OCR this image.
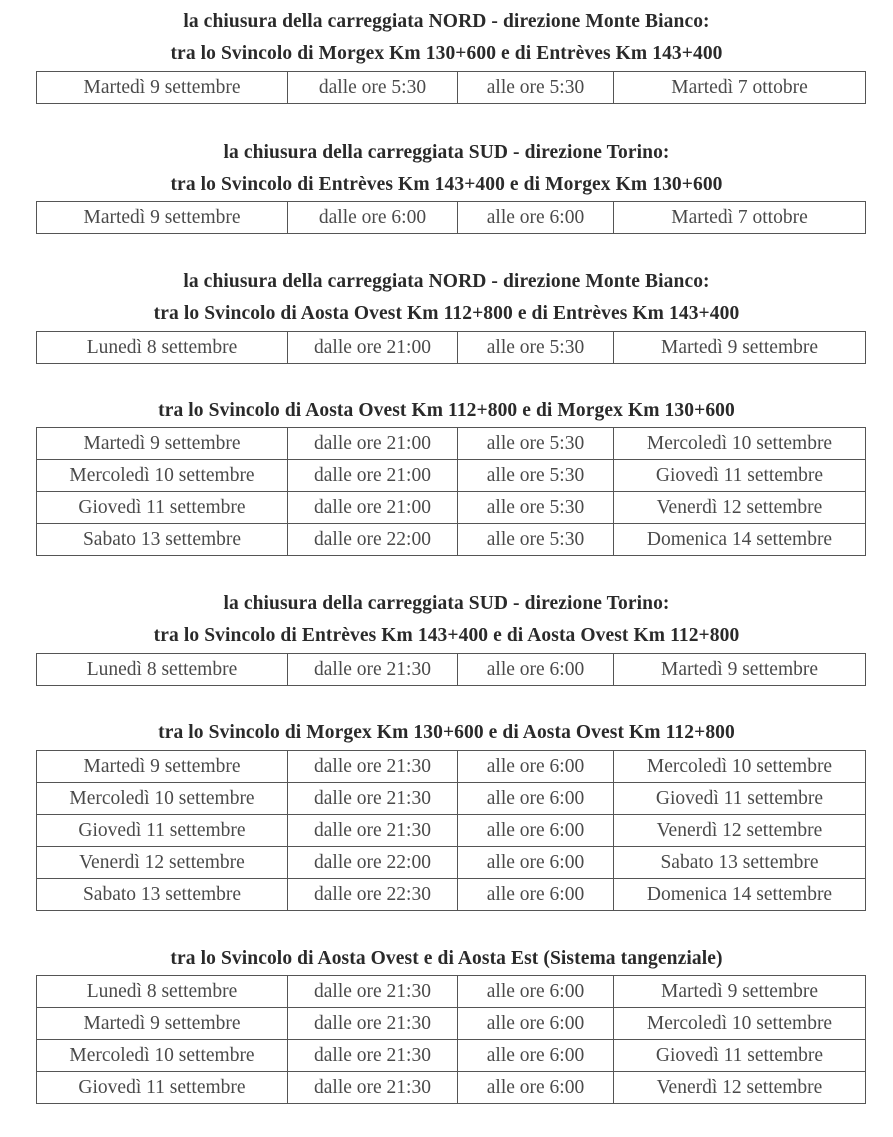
la chiusura della carreggiata NORD - direzione Monte Bianco:
tra lo Svincolo di Morgex Km 130+600 e di Entrèves Km 143+400
Martedì 9 settembre	dalle ore 5:30	alle ore 5:30	Martedì 7 ottobre
la chiusura della carreggiata SUD - direzione Torino:
tra lo Svincolo di Entrèves Km 143+400 e di Morgex Km 130+600
Martedì 9 settembre	dalle ore 6:00	alle ore 6:00	Martedì 7 ottobre
la chiusura della carreggiata NORD - direzione Monte Bianco:
tra lo Svincolo di Aosta Ovest Km 112+800 e di Entrèves Km 143+400
Lunedì 8 settembre	dalle ore 21:00	alle ore 5:30	Martedì 9 settembre
tra lo Svincolo di Aosta Ovest Km 112+800 e di Morgex Km 130+600
Martedì 9 settembre	dalle ore 21:00	alle ore 5:30	Mercoledì 10 settembre
Mercoledì 10 settembre	dalle ore 21:00	alle ore 5:30	Giovedì 11 settembre
Giovedì 11 settembre	dalle ore 21:00	alle ore 5:30	Venerdì 12 settembre
Sabato 13 settembre	dalle ore 22:00	alle ore 5:30	Domenica 14 settembre
la chiusura della carreggiata SUD - direzione Torino:
tra lo Svincolo di Entrèves Km 143+400 e di Aosta Ovest Km 112+800
Lunedì 8 settembre	dalle ore 21:30	alle ore 6:00	Martedì 9 settembre
tra lo Svincolo di Morgex Km 130+600 e di Aosta Ovest Km 112+800
Martedì 9 settembre	dalle ore 21:30	alle ore 6:00	Mercoledì 10 settembre
Mercoledì 10 settembre	dalle ore 21:30	alle ore 6:00	Giovedì 11 settembre
Giovedì 11 settembre	dalle ore 21:30	alle ore 6:00	Venerdì 12 settembre
Venerdì 12 settembre	dalle ore 22:00	alle ore 6:00	Sabato 13 settembre
Sabato 13 settembre	dalle ore 22:30	alle ore 6:00	Domenica 14 settembre
tra lo Svincolo di Aosta Ovest e di Aosta Est (Sistema tangenziale)
Lunedì 8 settembre	dalle ore 21:30	alle ore 6:00	Martedì 9 settembre
Martedì 9 settembre	dalle ore 21:30	alle ore 6:00	Mercoledì 10 settembre
Mercoledì 10 settembre	dalle ore 21:30	alle ore 6:00	Giovedì 11 settembre
Giovedì 11 settembre	dalle ore 21:30	alle ore 6:00	Venerdì 12 settembre
